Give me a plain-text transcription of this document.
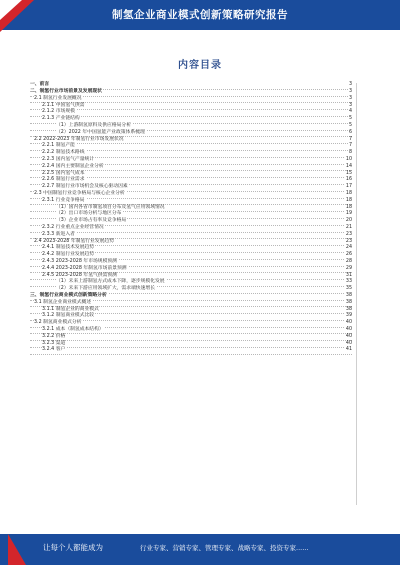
制氢企业商业模式创新策略研究报告
内容目录
一、前言	3
二、制氢行业市场前景及发展现状	3
2.1 制氢行业发展概况	3
2.1.1 中国氢气供需	3
2.1.2 市场规模	4
2.1.3 产业链结构	5
（1）上游制氢原料及供应格局分析	5
（2）2022 年中国氢能产业政策体系梳理	6
2.2 2022-2023 年制氢行业市场发展状况	7
2.2.1 制氢产能	7
2.2.2 制氢技术路线	8
2.2.3 国内氢气产量统计	10
2.2.4 国内主要制氢企业分析	14
2.2.5 国内氢气成本	15
2.2.6 制氢行业需求	16
2.2.7 制氢行业市场机会及核心驱动因素	17
2.3 中国制氢行业竞争格局与核心企业分析	18
2.3.1 行业竞争格局	18
（1）国内各省市制氢项目分布及氢气应用领域情况	18
（2）出口市场分析与地区分布	19
（3）企业市场占有率及竞争格局	20
2.3.2 行业重点企业经营情况	21
2.3.3 新进入者	23
2.4 2023-2028 年制氢行业发展趋势	23
2.4.1 制氢技术发展趋势	24
2.4.2 制氢行业发展趋势	26
2.4.3 2023-2028 年市场规模预测	28
2.4.4 2023-2028 年制氢市场前景预测	29
2.4.5 2023-2028 年氢气供需预测	31
（1）未来上游制氢方式成本下降，逐步规模化发展	33
（2）未来下游应用领域扩大，需求端快速增长	35
三、制氢行业商业模式创新策略分析	38
3.1 制氢企业商业模式概述	38
3.1.1 制氢企业的商业模式	38
3.1.2 制氢商业模式比较	39
3.2 制氢商业模式分析	40
3.2.1 成本（制氢成本结构）	40
3.2.2 价格	40
3.2.3 渠道	40
3.2.4 客户	41
让每个人都能成为	行业专家、营销专家、管理专家、战略专家、投资专家......
